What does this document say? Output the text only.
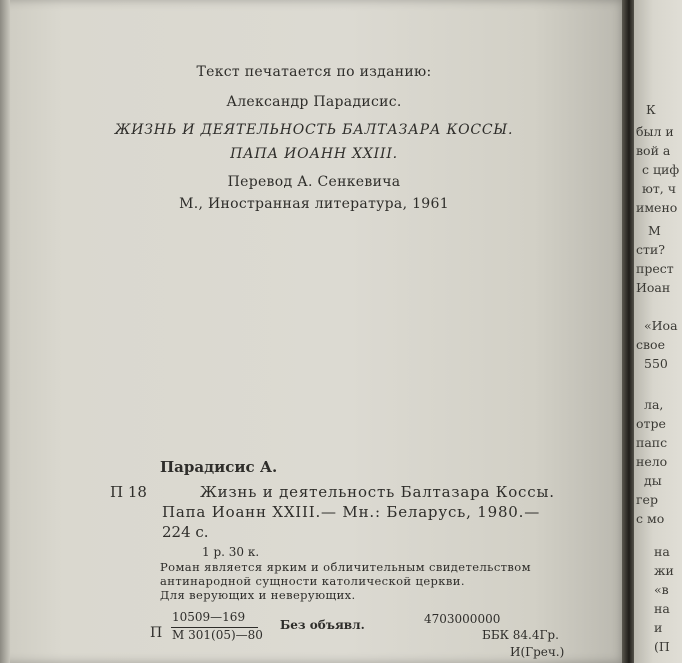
Текст печатается по изданию:

Александр Парадисис.

ЖИЗНЬ И ДЕЯТЕЛЬНОСТЬ БАЛТАЗАРА КОССЫ.

ПАПА ИОАНН XXIII.

Перевод А. Сенкевича

М., Иностранная литература, 1961

Парадисис А.

П 18	Жизнь и деятельность Балтазара Коссы.

Папа Иоанн XXIII.— Мн.: Беларусь, 1980.—

224 с.

1 р. 30 к.

Роман является ярким и обличительным свидетельством

антинародной сущности католической церкви.

Для верующих и неверующих.

П

10509—169

М 301(05)—80

Без объявл.	4703000000

ББК 84.4Гр.

И(Греч.)

К
был и
вой а
с циф
ют, ч
имено
М
сти?
прест
Иоан
«Иоа
свое
550
ла,
отре
папс
нело
ды
гер
с мо
на
жи
«в
на
и
(П
